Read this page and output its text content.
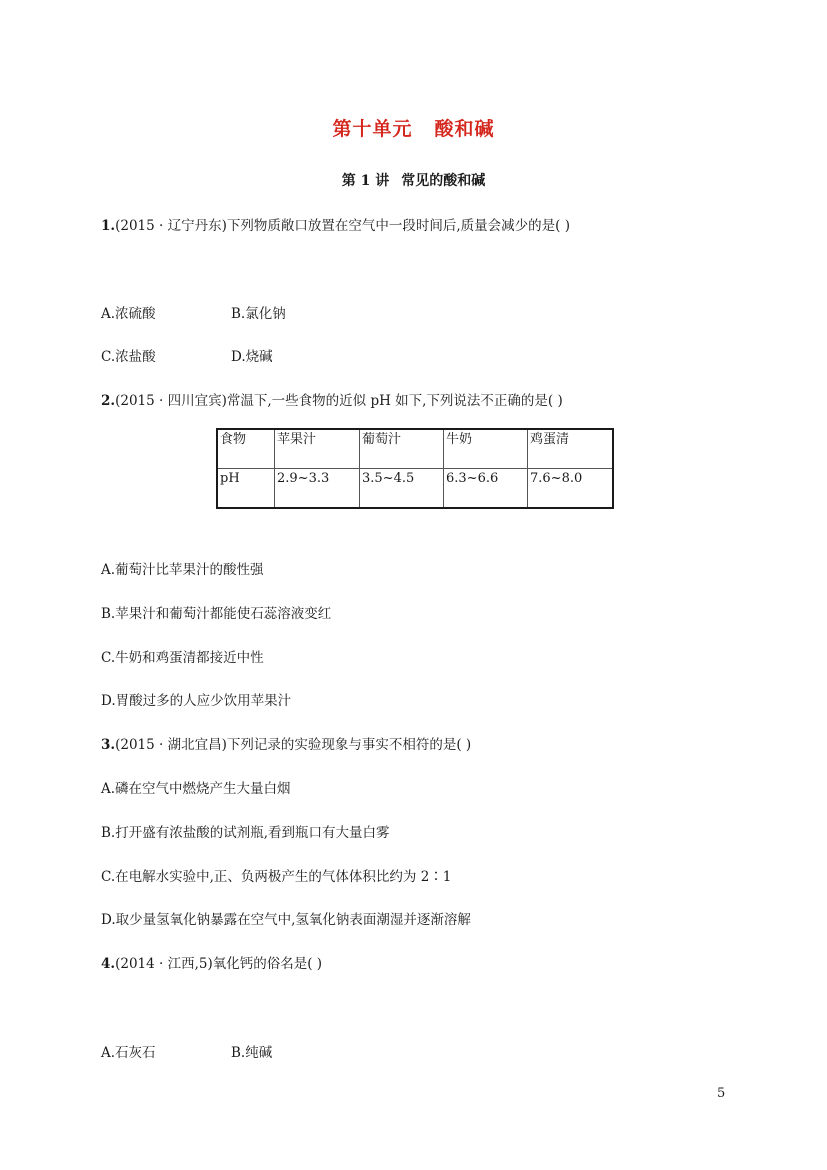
第十单元 酸和碱
第 1 讲 常见的酸和碱
1.(2015 · 辽宁丹东)下列物质敞口放置在空气中一段时间后,质量会减少的是( )
A.浓硫酸	B.氯化钠
C.浓盐酸	D.烧碱
2.(2015 · 四川宜宾)常温下,一些食物的近似 pH 如下,下列说法不正确的是( )
食物	苹果汁	葡萄汁	牛奶	鸡蛋清
pH	2.9~3.3	3.5~4.5	6.3~6.6	7.6~8.0
A.葡萄汁比苹果汁的酸性强
B.苹果汁和葡萄汁都能使石蕊溶液变红
C.牛奶和鸡蛋清都接近中性
D.胃酸过多的人应少饮用苹果汁
3.(2015 · 湖北宜昌)下列记录的实验现象与事实不相符的是( )
A.磷在空气中燃烧产生大量白烟
B.打开盛有浓盐酸的试剂瓶,看到瓶口有大量白雾
C.在电解水实验中,正、负两极产生的气体体积比约为 2∶1
D.取少量氢氧化钠暴露在空气中,氢氧化钠表面潮湿并逐渐溶解
4.(2014 · 江西,5)氧化钙的俗名是( )
A.石灰石	B.纯碱
5
